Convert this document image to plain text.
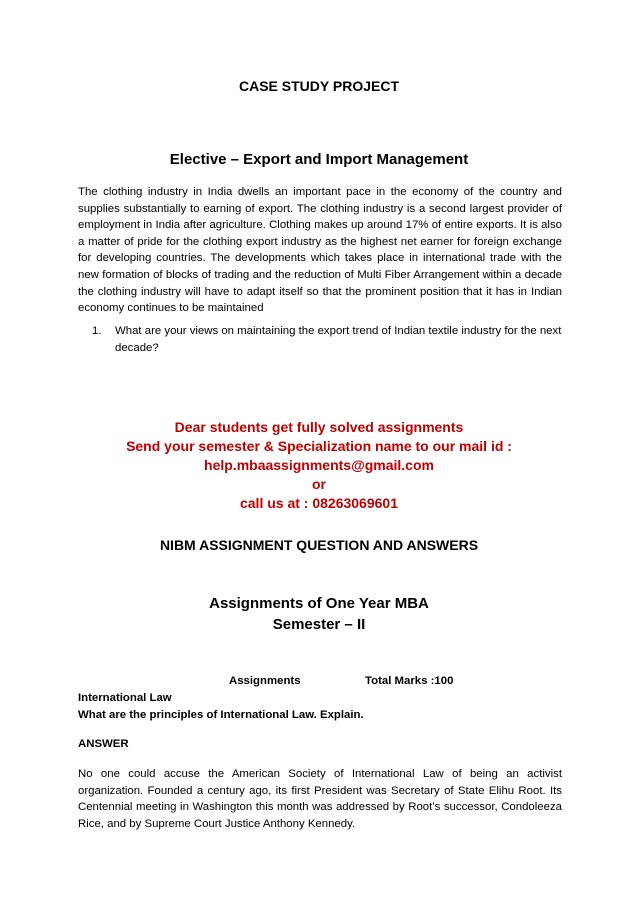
CASE STUDY PROJECT
Elective – Export and Import Management
The clothing industry in India dwells an important pace in the economy of the country and supplies substantially to earning of export. The clothing industry is a second largest provider of employment in India after agriculture. Clothing makes up around 17% of entire exports. It is also a matter of pride for the clothing export industry as the highest net earner for foreign exchange for developing countries. The developments which takes place in international trade with the new formation of blocks of trading and the reduction of Multi Fiber Arrangement within a decade the clothing industry will have to adapt itself so that the prominent position that it has in Indian economy continues to be maintained
1. What are your views on maintaining the export trend of Indian textile industry for the next decade?
Dear students get fully solved assignments
Send your semester & Specialization name to our mail id :
help.mbaassignments@gmail.com
or
call us at : 08263069601
NIBM ASSIGNMENT QUESTION AND ANSWERS
Assignments of One Year MBA
Semester – II
Assignments	Total Marks :100
International Law
What are the principles of International Law. Explain.
ANSWER
No one could accuse the American Society of International Law of being an activist organization. Founded a century ago, its first President was Secretary of State Elihu Root. Its Centennial meeting in Washington this month was addressed by Root’s successor, Condoleeza Rice, and by Supreme Court Justice Anthony Kennedy.
